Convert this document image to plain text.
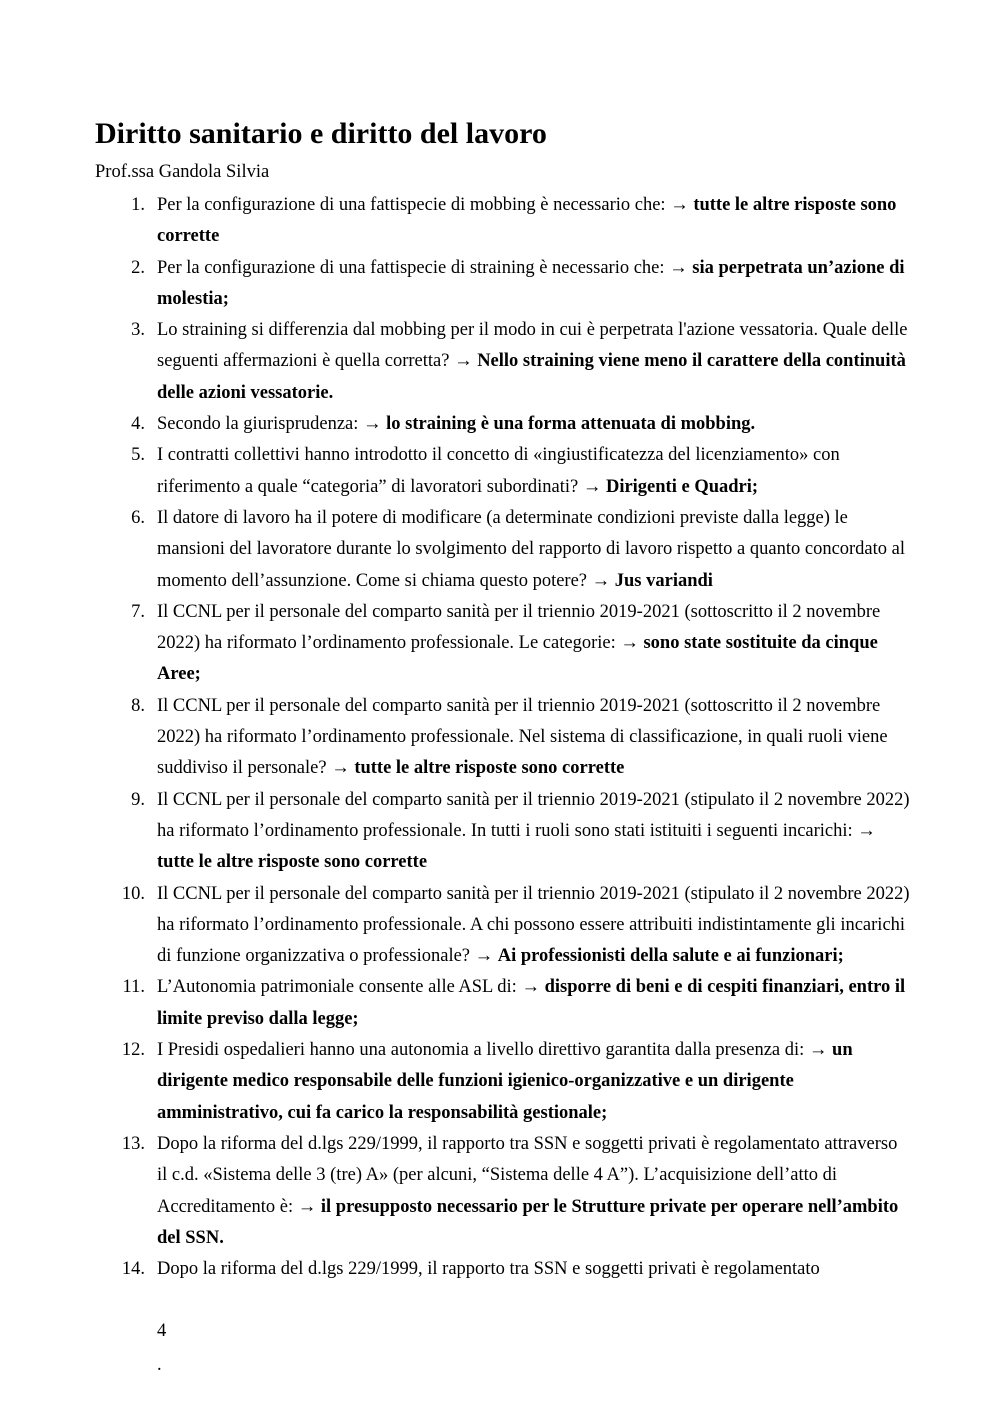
Diritto sanitario e diritto del lavoro
Prof.ssa Gandola Silvia
1. Per la configurazione di una fattispecie di mobbing è necessario che: → tutte le altre risposte sono corrette
2. Per la configurazione di una fattispecie di straining è necessario che: → sia perpetrata un’azione di molestia;
3. Lo straining si differenzia dal mobbing per il modo in cui è perpetrata l'azione vessatoria. Quale delle seguenti affermazioni è quella corretta? → Nello straining viene meno il carattere della continuità delle azioni vessatorie.
4. Secondo la giurisprudenza: → lo straining è una forma attenuata di mobbing.
5. I contratti collettivi hanno introdotto il concetto di «ingiustificatezza del licenziamento» con riferimento a quale “categoria” di lavoratori subordinati? → Dirigenti e Quadri;
6. Il datore di lavoro ha il potere di modificare (a determinate condizioni previste dalla legge) le mansioni del lavoratore durante lo svolgimento del rapporto di lavoro rispetto a quanto concordato al momento dell’assunzione. Come si chiama questo potere? → Jus variandi
7. Il CCNL per il personale del comparto sanità per il triennio 2019-2021 (sottoscritto il 2 novembre 2022) ha riformato l’ordinamento professionale. Le categorie: → sono state sostituite da cinque Aree;
8. Il CCNL per il personale del comparto sanità per il triennio 2019-2021 (sottoscritto il 2 novembre 2022) ha riformato l’ordinamento professionale. Nel sistema di classificazione, in quali ruoli viene suddiviso il personale? → tutte le altre risposte sono corrette
9. Il CCNL per il personale del comparto sanità per il triennio 2019-2021 (stipulato il 2 novembre 2022) ha riformato l’ordinamento professionale. In tutti i ruoli sono stati istituiti i seguenti incarichi: → tutte le altre risposte sono corrette
10. Il CCNL per il personale del comparto sanità per il triennio 2019-2021 (stipulato il 2 novembre 2022) ha riformato l’ordinamento professionale. A chi possono essere attribuiti indistintamente gli incarichi di funzione organizzativa o professionale? → Ai professionisti della salute e ai funzionari;
11. L’Autonomia patrimoniale consente alle ASL di: → disporre di beni e di cespiti finanziari, entro il limite previso dalla legge;
12. I Presidi ospedalieri hanno una autonomia a livello direttivo garantita dalla presenza di: → un dirigente medico responsabile delle funzioni igienico-organizzative e un dirigente amministrativo, cui fa carico la responsabilità gestionale;
13. Dopo la riforma del d.lgs 229/1999, il rapporto tra SSN e soggetti privati è regolamentato attraverso il c.d. «Sistema delle 3 (tre) A» (per alcuni, “Sistema delle 4 A”). L’acquisizione dell’atto di Accreditamento è: → il presupposto necessario per le Strutture private per operare nell’ambito del SSN.
14. Dopo la riforma del d.lgs 229/1999, il rapporto tra SSN e soggetti privati è regolamentato
4
.
